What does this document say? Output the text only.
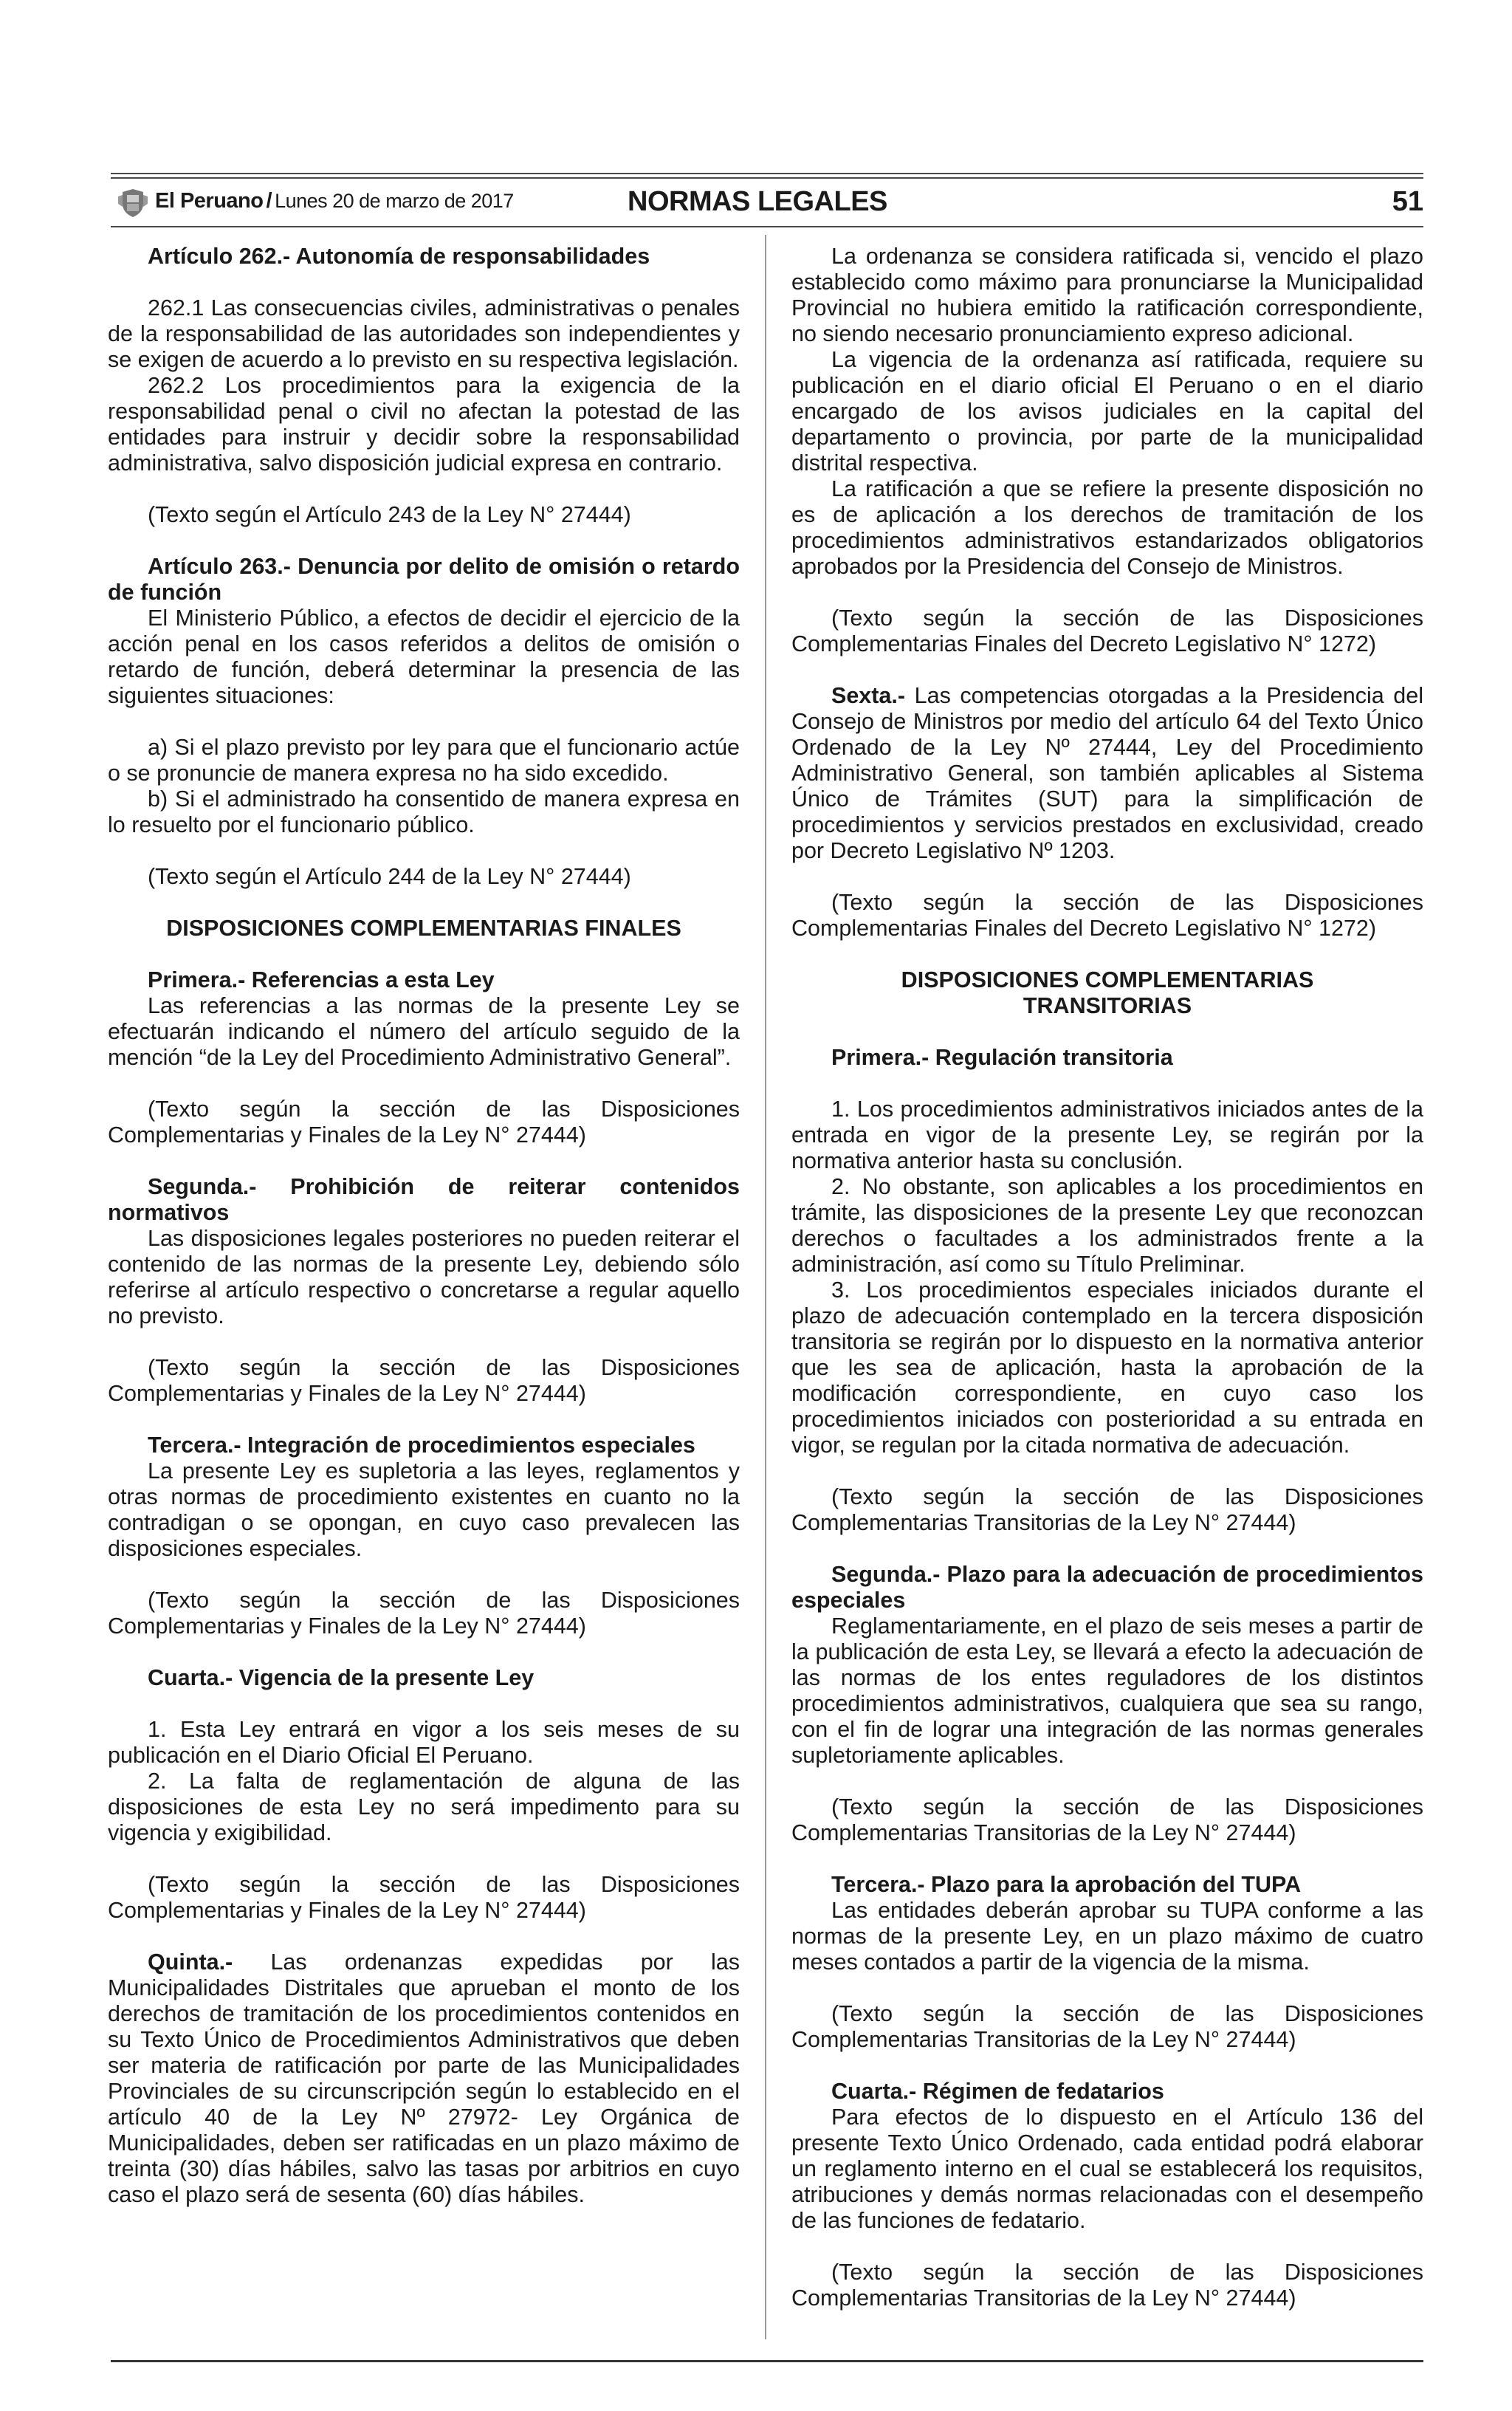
El Peruano / Lunes 20 de marzo de 2017	NORMAS LEGALES	51

Artículo 262.- Autonomía de responsabilidades

262.1 Las consecuencias civiles, administrativas o penales de la responsabilidad de las autoridades son independientes y se exigen de acuerdo a lo previsto en su respectiva legislación.

262.2 Los procedimientos para la exigencia de la responsabilidad penal o civil no afectan la potestad de las entidades para instruir y decidir sobre la responsabilidad administrativa, salvo disposición judicial expresa en contrario.

(Texto según el Artículo 243 de la Ley N° 27444)

Artículo 263.- Denuncia por delito de omisión o retardo de función

El Ministerio Público, a efectos de decidir el ejercicio de la acción penal en los casos referidos a delitos de omisión o retardo de función, deberá determinar la presencia de las siguientes situaciones:

a) Si el plazo previsto por ley para que el funcionario actúe o se pronuncie de manera expresa no ha sido excedido.

b) Si el administrado ha consentido de manera expresa en lo resuelto por el funcionario público.

(Texto según el Artículo 244 de la Ley N° 27444)

DISPOSICIONES COMPLEMENTARIAS FINALES

Primera.- Referencias a esta Ley

Las referencias a las normas de la presente Ley se efectuarán indicando el número del artículo seguido de la mención “de la Ley del Procedimiento Administrativo General”.

(Texto según la sección de las Disposiciones Complementarias y Finales de la Ley N° 27444)

Segunda.- Prohibición de reiterar contenidos normativos

Las disposiciones legales posteriores no pueden reiterar el contenido de las normas de la presente Ley, debiendo sólo referirse al artículo respectivo o concretarse a regular aquello no previsto.

(Texto según la sección de las Disposiciones Complementarias y Finales de la Ley N° 27444)

Tercera.- Integración de procedimientos especiales

La presente Ley es supletoria a las leyes, reglamentos y otras normas de procedimiento existentes en cuanto no la contradigan o se opongan, en cuyo caso prevalecen las disposiciones especiales.

(Texto según la sección de las Disposiciones Complementarias y Finales de la Ley N° 27444)

Cuarta.- Vigencia de la presente Ley

1. Esta Ley entrará en vigor a los seis meses de su publicación en el Diario Oficial El Peruano.

2. La falta de reglamentación de alguna de las disposiciones de esta Ley no será impedimento para su vigencia y exigibilidad.

(Texto según la sección de las Disposiciones Complementarias y Finales de la Ley N° 27444)

Quinta.- Las ordenanzas expedidas por las Municipalidades Distritales que aprueban el monto de los derechos de tramitación de los procedimientos contenidos en su Texto Único de Procedimientos Administrativos que deben ser materia de ratificación por parte de las Municipalidades Provinciales de su circunscripción según lo establecido en el artículo 40 de la Ley Nº 27972- Ley Orgánica de Municipalidades, deben ser ratificadas en un plazo máximo de treinta (30) días hábiles, salvo las tasas por arbitrios en cuyo caso el plazo será de sesenta (60) días hábiles.

La ordenanza se considera ratificada si, vencido el plazo establecido como máximo para pronunciarse la Municipalidad Provincial no hubiera emitido la ratificación correspondiente, no siendo necesario pronunciamiento expreso adicional.

La vigencia de la ordenanza así ratificada, requiere su publicación en el diario oficial El Peruano o en el diario encargado de los avisos judiciales en la capital del departamento o provincia, por parte de la municipalidad distrital respectiva.

La ratificación a que se refiere la presente disposición no es de aplicación a los derechos de tramitación de los procedimientos administrativos estandarizados obligatorios aprobados por la Presidencia del Consejo de Ministros.

(Texto según la sección de las Disposiciones Complementarias Finales del Decreto Legislativo N° 1272)

Sexta.- Las competencias otorgadas a la Presidencia del Consejo de Ministros por medio del artículo 64 del Texto Único Ordenado de la Ley Nº 27444, Ley del Procedimiento Administrativo General, son también aplicables al Sistema Único de Trámites (SUT) para la simplificación de procedimientos y servicios prestados en exclusividad, creado por Decreto Legislativo Nº 1203.

(Texto según la sección de las Disposiciones Complementarias Finales del Decreto Legislativo N° 1272)

DISPOSICIONES COMPLEMENTARIAS

TRANSITORIAS

Primera.- Regulación transitoria

1. Los procedimientos administrativos iniciados antes de la entrada en vigor de la presente Ley, se regirán por la normativa anterior hasta su conclusión.

2. No obstante, son aplicables a los procedimientos en trámite, las disposiciones de la presente Ley que reconozcan derechos o facultades a los administrados frente a la administración, así como su Título Preliminar.

3. Los procedimientos especiales iniciados durante el plazo de adecuación contemplado en la tercera disposición transitoria se regirán por lo dispuesto en la normativa anterior que les sea de aplicación, hasta la aprobación de la modificación correspondiente, en cuyo caso los procedimientos iniciados con posterioridad a su entrada en vigor, se regulan por la citada normativa de adecuación.

(Texto según la sección de las Disposiciones Complementarias Transitorias de la Ley N° 27444)

Segunda.- Plazo para la adecuación de procedimientos especiales

Reglamentariamente, en el plazo de seis meses a partir de la publicación de esta Ley, se llevará a efecto la adecuación de las normas de los entes reguladores de los distintos procedimientos administrativos, cualquiera que sea su rango, con el fin de lograr una integración de las normas generales supletoriamente aplicables.

(Texto según la sección de las Disposiciones Complementarias Transitorias de la Ley N° 27444)

Tercera.- Plazo para la aprobación del TUPA

Las entidades deberán aprobar su TUPA conforme a las normas de la presente Ley, en un plazo máximo de cuatro meses contados a partir de la vigencia de la misma.

(Texto según la sección de las Disposiciones Complementarias Transitorias de la Ley N° 27444)

Cuarta.- Régimen de fedatarios

Para efectos de lo dispuesto en el Artículo 136 del presente Texto Único Ordenado, cada entidad podrá elaborar un reglamento interno en el cual se establecerá los requisitos, atribuciones y demás normas relacionadas con el desempeño de las funciones de fedatario.

(Texto según la sección de las Disposiciones Complementarias Transitorias de la Ley N° 27444)
